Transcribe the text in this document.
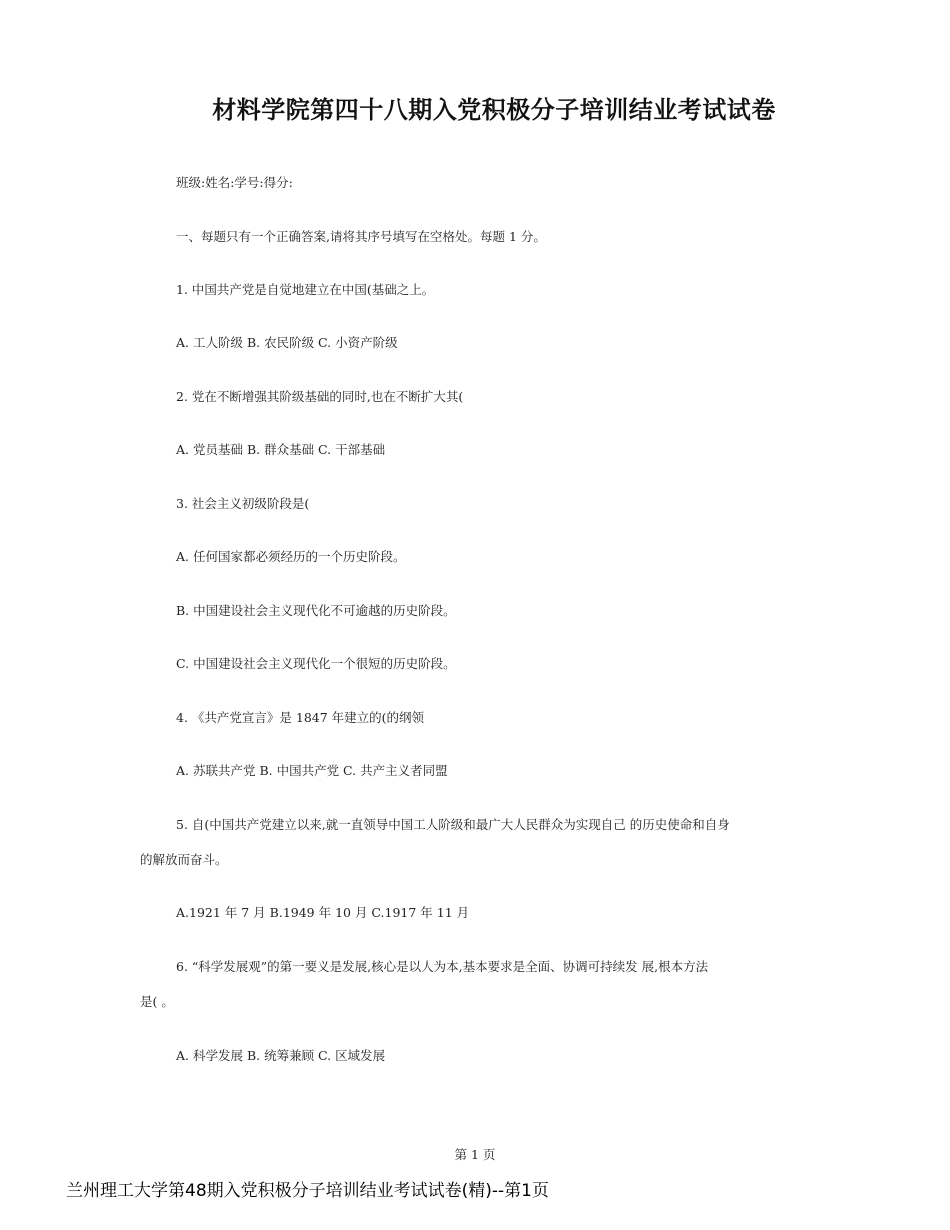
材料学院第四十八期入党积极分子培训结业考试试卷
班级:姓名:学号:得分:
一、每题只有一个正确答案,请将其序号填写在空格处。每题 1 分。
1. 中国共产党是自觉地建立在中国(基础之上。
A. 工人阶级 B. 农民阶级 C. 小资产阶级
2. 党在不断增强其阶级基础的同时,也在不断扩大其(
A. 党员基础 B. 群众基础 C. 干部基础
3. 社会主义初级阶段是(
A. 任何国家都必须经历的一个历史阶段。
B. 中国建设社会主义现代化不可逾越的历史阶段。
C. 中国建设社会主义现代化一个很短的历史阶段。
4. 《共产党宣言》是 1847 年建立的(的纲领
A. 苏联共产党 B. 中国共产党 C. 共产主义者同盟
5. 自(中国共产党建立以来,就一直领导中国工人阶级和最广大人民群众为实现自己 的历史使命和自身
的解放而奋斗。
A.1921 年 7 月 B.1949 年 10 月 C.1917 年 11 月
6. “科学发展观”的第一要义是发展,核心是以人为本,基本要求是全面、协调可持续发 展,根本方法
是( 。
A. 科学发展 B. 统筹兼顾 C. 区域发展
第 1 页
兰州理工大学第48期入党积极分子培训结业考试试卷(精)--第1页
